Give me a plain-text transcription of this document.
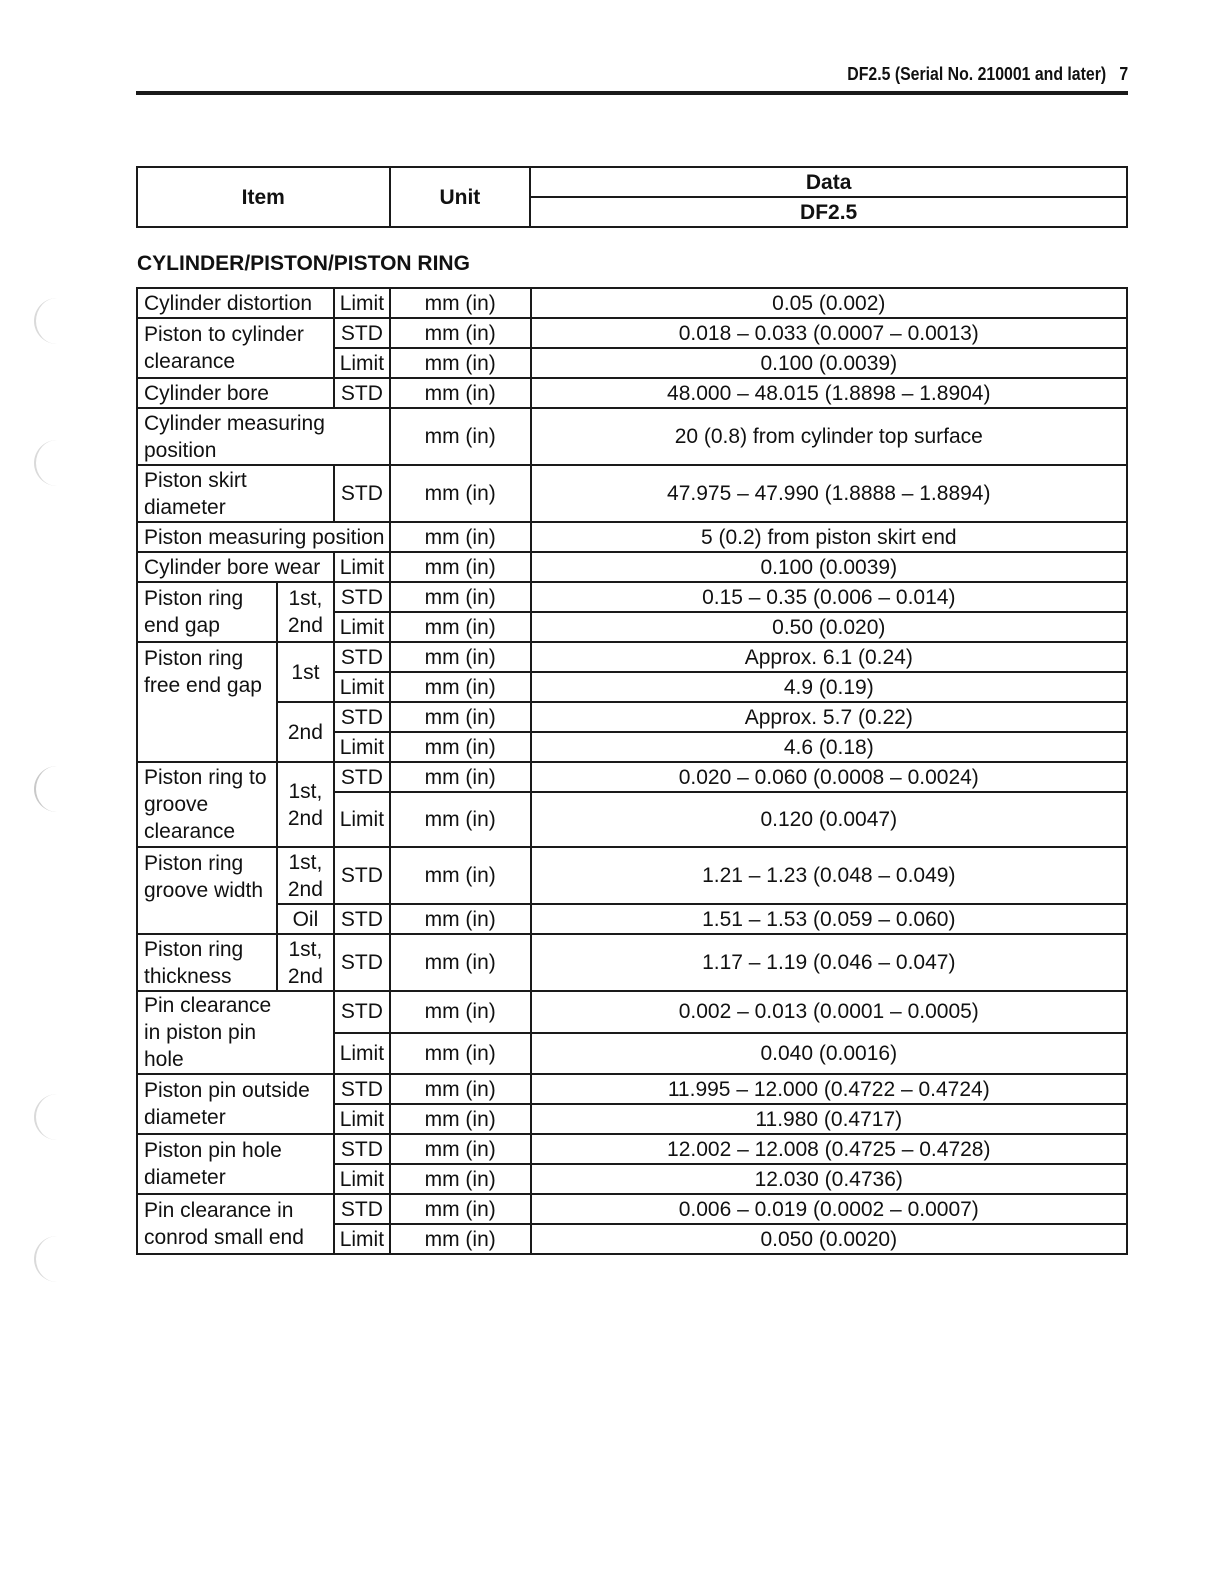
DF2.5 (Serial No. 210001 and later) 7
Item	Unit	Data
DF2.5
CYLINDER/PISTON/PISTON RING
Cylinder distortion		Limit	mm (in)	0.05 (0.002)
Piston to cylinder clearance		STD	mm (in)	0.018 – 0.033 (0.0007 – 0.0013)
		Limit	mm (in)	0.100 (0.0039)
Cylinder bore		STD	mm (in)	48.000 – 48.015 (1.8898 – 1.8904)
Cylinder measuring position			mm (in)	20 (0.8) from cylinder top surface
Piston skirt diameter		STD	mm (in)	47.975 – 47.990 (1.8888 – 1.8894)
Piston measuring position			mm (in)	5 (0.2) from piston skirt end
Cylinder bore wear		Limit	mm (in)	0.100 (0.0039)
Piston ring end gap	1st, 2nd	STD	mm (in)	0.15 – 0.35 (0.006 – 0.014)
		Limit	mm (in)	0.50 (0.020)
Piston ring free end gap	1st	STD	mm (in)	Approx. 6.1 (0.24)
		Limit	mm (in)	4.9 (0.19)
	2nd	STD	mm (in)	Approx. 5.7 (0.22)
		Limit	mm (in)	4.6 (0.18)
Piston ring to groove clearance	1st, 2nd	STD	mm (in)	0.020 – 0.060 (0.0008 – 0.0024)
		Limit	mm (in)	0.120 (0.0047)
Piston ring groove width	1st, 2nd	STD	mm (in)	1.21 – 1.23 (0.048 – 0.049)
	Oil	STD	mm (in)	1.51 – 1.53 (0.059 – 0.060)
Piston ring thickness	1st, 2nd	STD	mm (in)	1.17 – 1.19 (0.046 – 0.047)
Pin clearance in piston pin hole		STD	mm (in)	0.002 – 0.013 (0.0001 – 0.0005)
		Limit	mm (in)	0.040 (0.0016)
Piston pin outside diameter		STD	mm (in)	11.995 – 12.000 (0.4722 – 0.4724)
		Limit	mm (in)	11.980 (0.4717)
Piston pin hole diameter		STD	mm (in)	12.002 – 12.008 (0.4725 – 0.4728)
		Limit	mm (in)	12.030 (0.4736)
Pin clearance in conrod small end		STD	mm (in)	0.006 – 0.019 (0.0002 – 0.0007)
		Limit	mm (in)	0.050 (0.0020)
